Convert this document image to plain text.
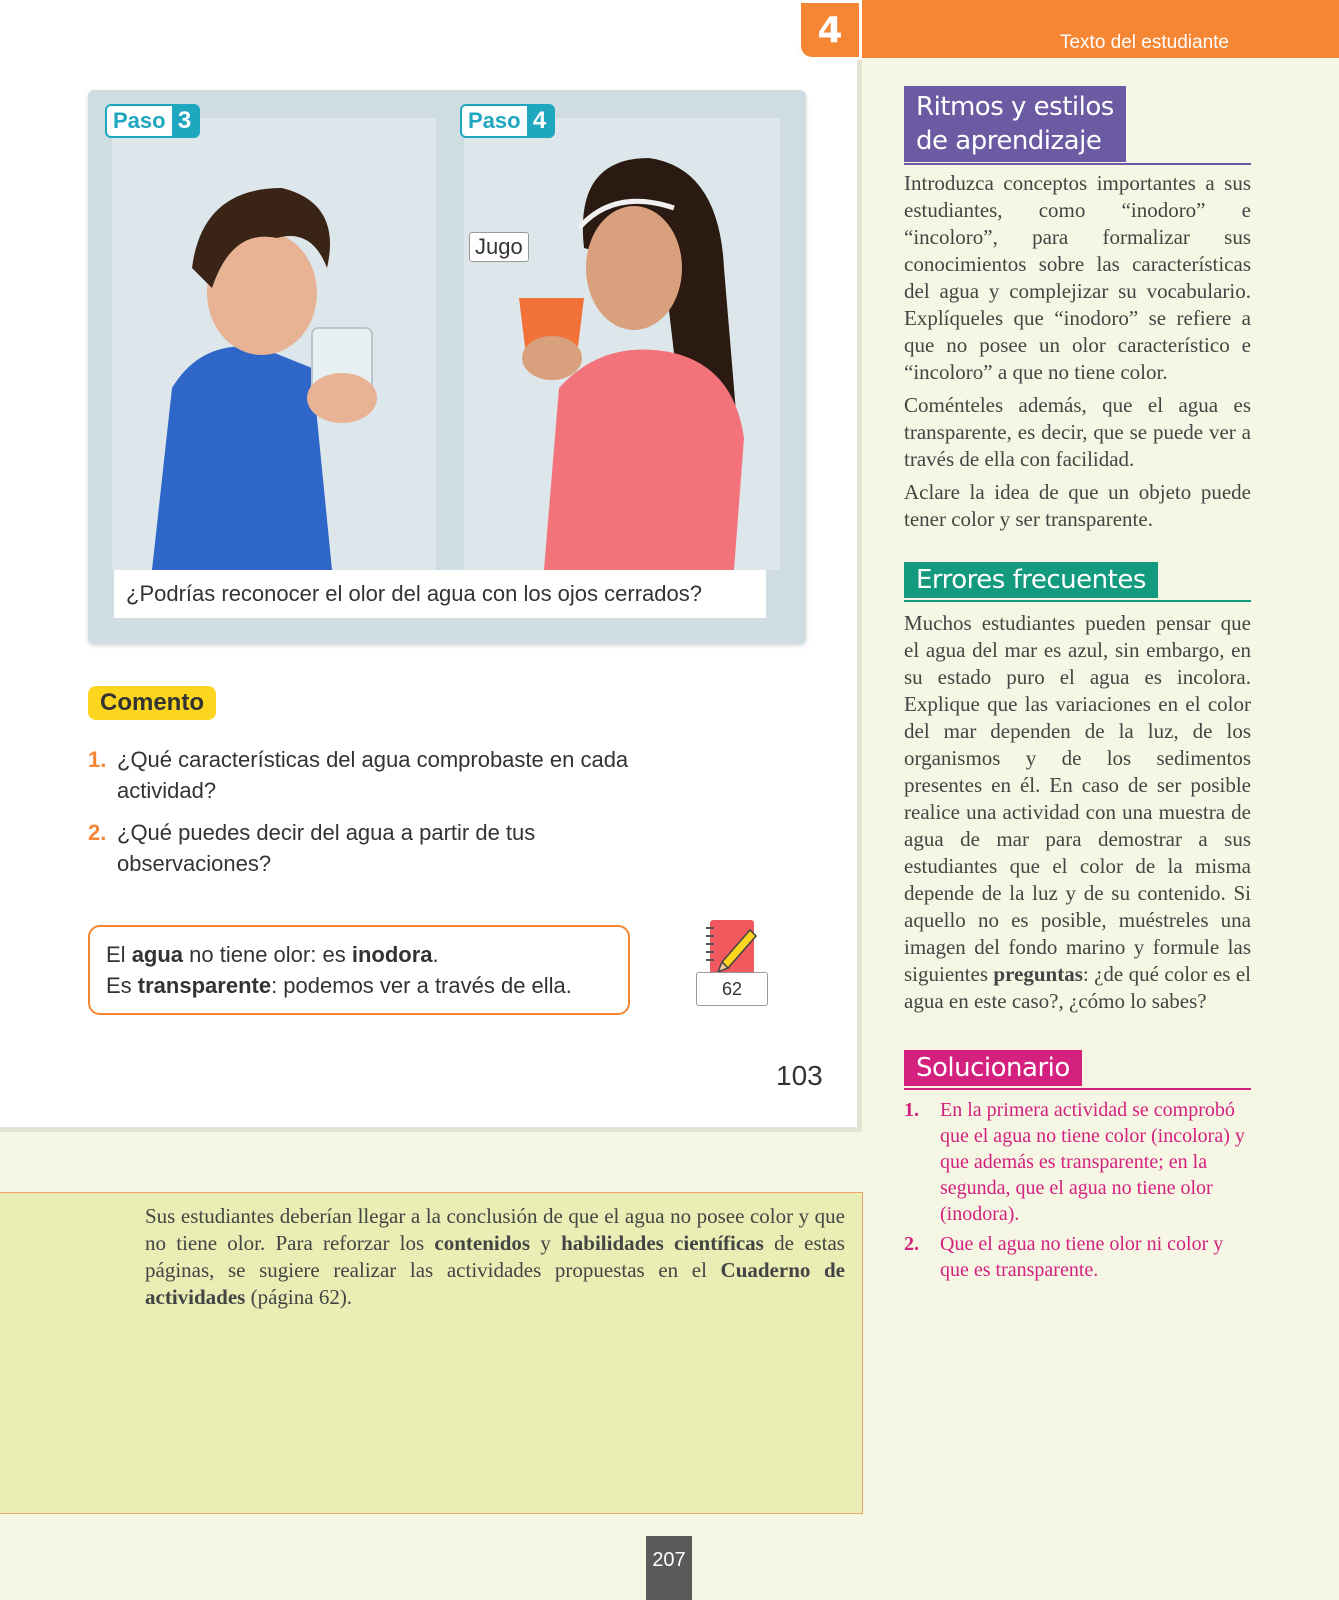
4	Texto del estudiante
Paso 3	Paso 4
Jugo
¿Podrías reconocer el olor del agua con los ojos cerrados?
Comento
1. ¿Qué características del agua comprobaste en cada actividad?
2. ¿Qué puedes decir del agua a partir de tus observaciones?
El agua no tiene olor: es inodora.
Es transparente: podemos ver a través de ella.	62
103
Sus estudiantes deberían llegar a la conclusión de que el agua no posee color y que no tiene olor. Para reforzar los contenidos y habilidades científicas de estas páginas, se sugiere realizar las actividades propuestas en el Cuaderno de actividades (página 62).
Ritmos y estilos
de aprendizaje

Introduzca conceptos importantes a sus estudiantes, como “inodoro” e “incoloro”, para formalizar sus conocimientos sobre las características del agua y complejizar su vocabulario. Explíqueles que “inodoro” se refiere a que no posee un olor característico e “incoloro” a que no tiene color.

Coménteles además, que el agua es transparente, es decir, que se puede ver a través de ella con facilidad.

Aclare la idea de que un objeto puede tener color y ser transparente.

Errores frecuentes
Muchos estudiantes pueden pensar que el agua del mar es azul, sin embargo, en su estado puro el agua es incolora. Explique que las variaciones en el color del mar dependen de la luz, de los organismos y de los sedimentos presentes en él. En caso de ser posible realice una actividad con una muestra de agua de mar para demostrar a sus estudiantes que el color de la misma depende de la luz y de su contenido. Si aquello no es posible, muéstreles una imagen del fondo marino y formule las siguientes preguntas: ¿de qué color es el agua en este caso?, ¿cómo lo sabes?
Solucionario
1. En la primera actividad se comprobó que el agua no tiene color (incolora) y que además es transparente; en la segunda, que el agua no tiene olor (inodora).
2. Que el agua no tiene olor ni color y que es transparente.
207
